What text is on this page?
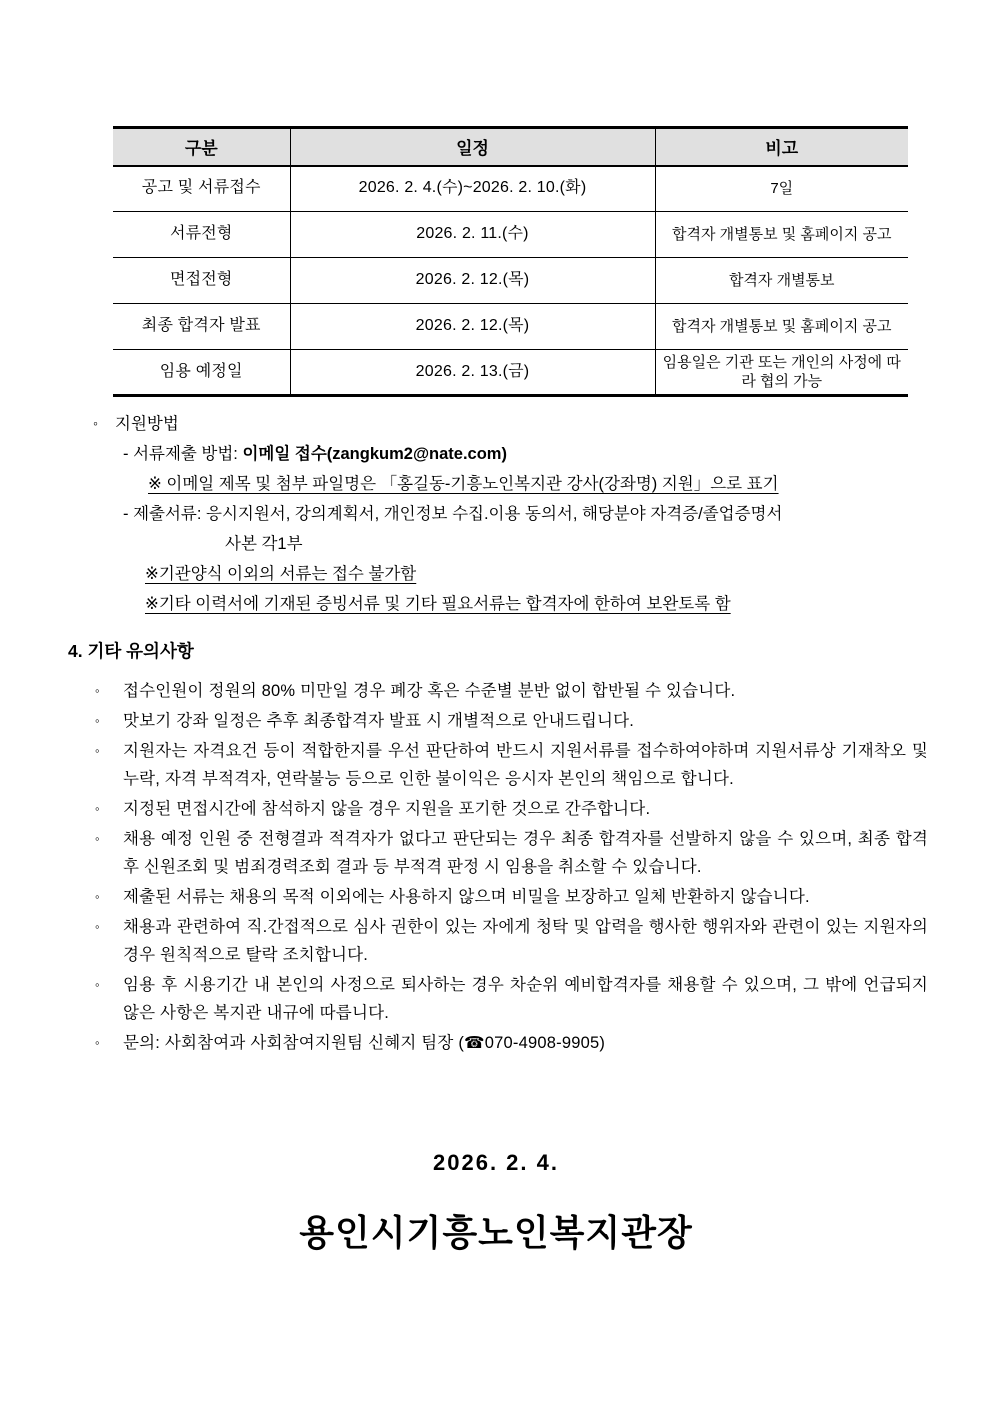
구분	일정	비고
공고 및 서류접수	2026. 2. 4.(수)~2026. 2. 10.(화)	7일
서류전형	2026. 2. 11.(수)	합격자 개별통보 및 홈페이지 공고
면접전형	2026. 2. 12.(목)	합격자 개별통보
최종 합격자 발표	2026. 2. 12.(목)	합격자 개별통보 및 홈페이지 공고
임용 예정일	2026. 2. 13.(금)	임용일은 기관 또는 개인의 사정에 따라 협의 가능
◦ 지원방법
- 서류제출 방법: 이메일 접수(zangkum2@nate.com)
※ 이메일 제목 및 첨부 파일명은 「홍길동-기흥노인복지관 강사(강좌명) 지원」으로 표기
- 제출서류: 응시지원서, 강의계획서, 개인정보 수집.이용 동의서, 해당분야 자격증/졸업증명서
사본 각1부
※기관양식 이외의 서류는 접수 불가함
※기타 이력서에 기재된 증빙서류 및 기타 필요서류는 합격자에 한하여 보완토록 함
4. 기타 유의사항
◦	접수인원이 정원의 80% 미만일 경우 폐강 혹은 수준별 분반 없이 합반될 수 있습니다.
◦	맛보기 강좌 일정은 추후 최종합격자 발표 시 개별적으로 안내드립니다.
◦	지원자는 자격요건 등이 적합한지를 우선 판단하여 반드시 지원서류를 접수하여야하며 지원서류상 기재착오 및 누락, 자격 부적격자, 연락불능 등으로 인한 불이익은 응시자 본인의 책임으로 합니다.
◦	지정된 면접시간에 참석하지 않을 경우 지원을 포기한 것으로 간주합니다.
◦	채용 예정 인원 중 전형결과 적격자가 없다고 판단되는 경우 최종 합격자를 선발하지 않을 수 있으며, 최종 합격 후 신원조회 및 범죄경력조회 결과 등 부적격 판정 시 임용을 취소할 수 있습니다.
◦	제출된 서류는 채용의 목적 이외에는 사용하지 않으며 비밀을 보장하고 일체 반환하지 않습니다.
◦	채용과 관련하여 직.간접적으로 심사 권한이 있는 자에게 청탁 및 압력을 행사한 행위자와 관련이 있는 지원자의 경우 원칙적으로 탈락 조치합니다.
◦	임용 후 시용기간 내 본인의 사정으로 퇴사하는 경우 차순위 예비합격자를 채용할 수 있으며, 그 밖에 언급되지 않은 사항은 복지관 내규에 따릅니다.
◦	문의: 사회참여과 사회참여지원팀 신혜지 팀장 (☎070-4908-9905)
2026. 2. 4.
용인시기흥노인복지관장
